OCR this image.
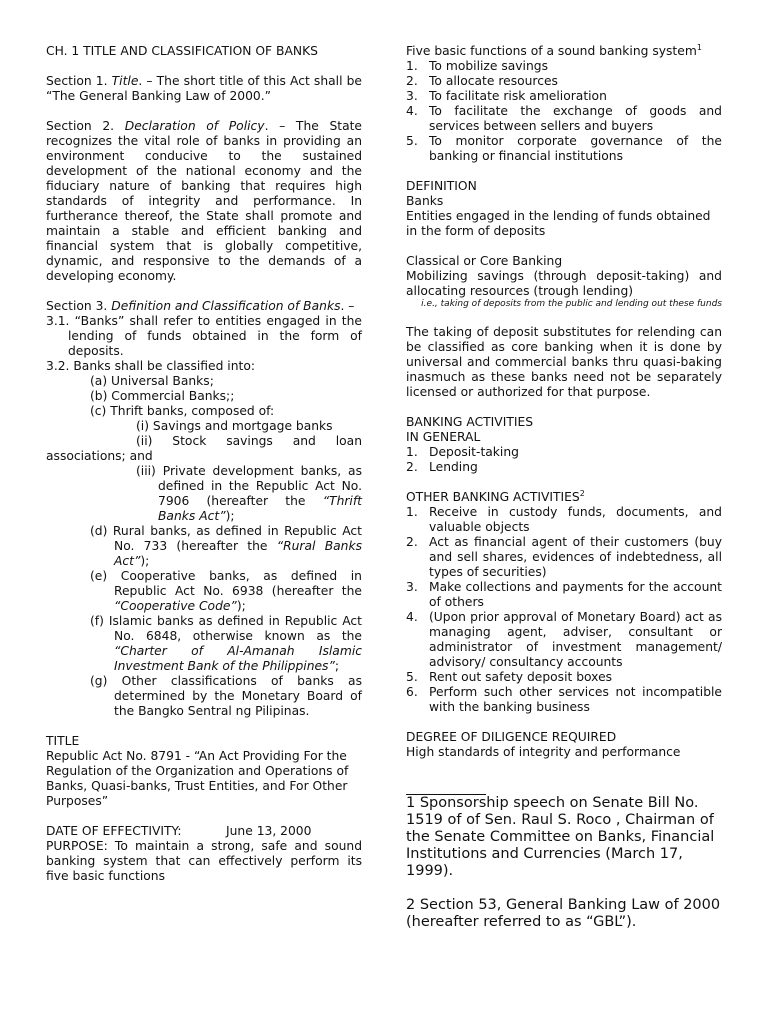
CH. 1 TITLE AND CLASSIFICATION OF BANKS

Section 1. Title. – The short title of this Act shall be “The General Banking Law of 2000.”

Section 2. Declaration of Policy. – The State recognizes the vital role of banks in providing an environment conducive to the sustained development of the national economy and the fiduciary nature of banking that requires high standards of integrity and performance. In furtherance thereof, the State shall promote and maintain a stable and efficient banking and financial system that is globally competitive, dynamic, and responsive to the demands of a developing economy.

Section 3. Definition and Classification of Banks. –

3.1. “Banks” shall refer to entities engaged in the lending of funds obtained in the form of deposits.

3.2. Banks shall be classified into:

(a) Universal Banks;

(b) Commercial Banks;;

(c) Thrift banks, composed of:

(i) Savings and mortgage banks

(ii) Stock savings and loan

associations; and

(iii) Private development banks, as defined in the Republic Act No. 7906 (hereafter the “Thrift Banks Act”);

(d) Rural banks, as defined in Republic Act No. 733 (hereafter the “Rural Banks Act”);

(e) Cooperative banks, as defined in Republic Act No. 6938 (hereafter the “Cooperative Code”);

(f) Islamic banks as defined in Republic Act No. 6848, otherwise known as the “Charter of Al-Amanah Islamic Investment Bank of the Philippines”;

(g) Other classifications of banks as determined by the Monetary Board of the Bangko Sentral ng Pilipinas.

TITLE

Republic Act No. 8791 - “An Act Providing For the Regulation of the Organization and Operations of Banks, Quasi-banks, Trust Entities, and For Other Purposes”

DATE OF EFFECTIVITY:	June 13, 2000

PURPOSE: To maintain a strong, safe and sound banking system that can effectively perform its five basic functions

Five basic functions of a sound banking system$^1$

1. To mobilize savings
2. To allocate resources
3. To facilitate risk amelioration
4. To facilitate the exchange of goods and services between sellers and buyers
5. To monitor corporate governance of the banking or financial institutions

DEFINITION

Banks

Entities engaged in the lending of funds obtained in the form of deposits

Classical or Core Banking

Mobilizing savings (through deposit-taking) and allocating resources (trough lending)

i.e., taking of deposits from the public and lending out these funds

The taking of deposit substitutes for relending can be classified as core banking when it is done by universal and commercial banks thru quasi-baking inasmuch as these banks need not be separately licensed or authorized for that purpose.

BANKING ACTIVITIES

IN GENERAL

1. Deposit-taking
2. Lending

OTHER BANKING ACTIVITIES$^2$

1. Receive in custody funds, documents, and valuable objects
2. Act as financial agent of their customers (buy and sell shares, evidences of indebtedness, all types of securities)
3. Make collections and payments for the account of others
4. (Upon prior approval of Monetary Board) act as managing agent, adviser, consultant or administrator of investment management/ advisory/ consultancy accounts
5. Rent out safety deposit boxes
6. Perform such other services not incompatible with the banking business

DEGREE OF DILIGENCE REQUIRED

High standards of integrity and performance

1 Sponsorship speech on Senate Bill No. 1519 of of Sen. Raul S. Roco , Chairman of the Senate Committee on Banks, Financial Institutions and Currencies (March 17, 1999).

2 Section 53, General Banking Law of 2000 (hereafter referred to as “GBL”).
